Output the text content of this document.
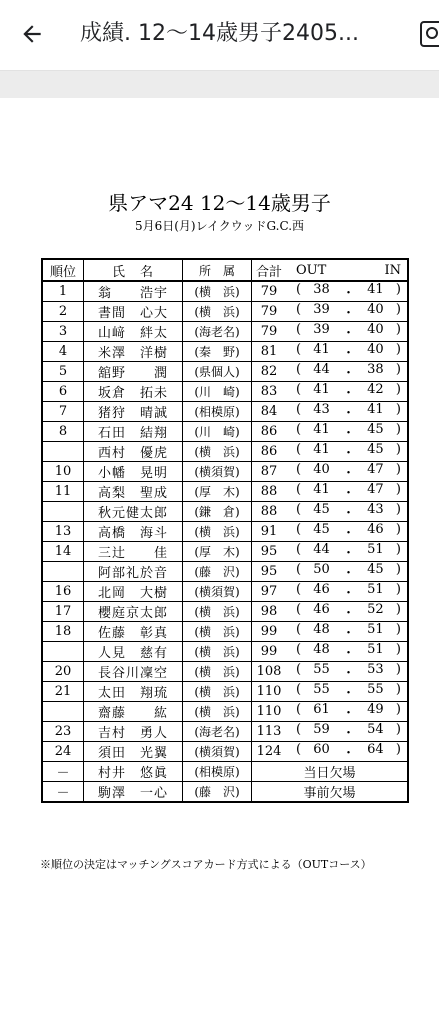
成績. 12〜14歳男子2405...
県アマ24 12〜14歳男子
5月6日(月)レイクウッドG.C.西
順位	氏　名	所　属	合計	OUT IN

1	翁　　浩宇	(横　浜)	79	( 38 ・ 41 )

2	書間　心大	(横　浜)	79	( 39 ・ 40 )

3	山﨑　絆太	(海老名)	79	( 39 ・ 40 )

4	米澤　洋樹	(秦　野)	81	( 41 ・ 40 )

5	舘野　　潤	(県個人)	82	( 44 ・ 38 )

6	坂倉　拓未	(川　崎)	83	( 41 ・ 42 )

7	猪狩　晴誠	(相模原)	84	( 43 ・ 41 )

8	石田　結翔	(川　崎)	86	( 41 ・ 45 )

	西村　優虎	(横　浜)	86	( 41 ・ 45 )

10	小幡　晃明	(横須賀)	87	( 40 ・ 47 )

11	高梨　聖成	(厚　木)	88	( 41 ・ 47 )

	秋元健太郎	(鎌　倉)	88	( 45 ・ 43 )

13	高橋　海斗	(横　浜)	91	( 45 ・ 46 )

14	三辻　　佳	(厚　木)	95	( 44 ・ 51 )

	阿部礼於音	(藤　沢)	95	( 50 ・ 45 )

16	北岡　大樹	(横須賀)	97	( 46 ・ 51 )

17	櫻庭京太郎	(横　浜)	98	( 46 ・ 52 )

18	佐藤　彰真	(横　浜)	99	( 48 ・ 51 )

	人見　慈有	(横　浜)	99	( 48 ・ 51 )

20	長谷川凜空	(横　浜)	108	( 55 ・ 53 )

21	太田　翔琉	(横　浜)	110	( 55 ・ 55 )

	齋藤　　紘	(横　浜)	110	( 61 ・ 49 )

23	吉村　勇人	(海老名)	113	( 59 ・ 54 )

24	須田　光翼	(横須賀)	124	( 60 ・ 64 )

－	村井　悠眞	(相模原)	当日欠場	
－	駒澤　一心	(藤　沢)	事前欠場	
※順位の決定はマッチングスコアカード方式による（OUTコース）
